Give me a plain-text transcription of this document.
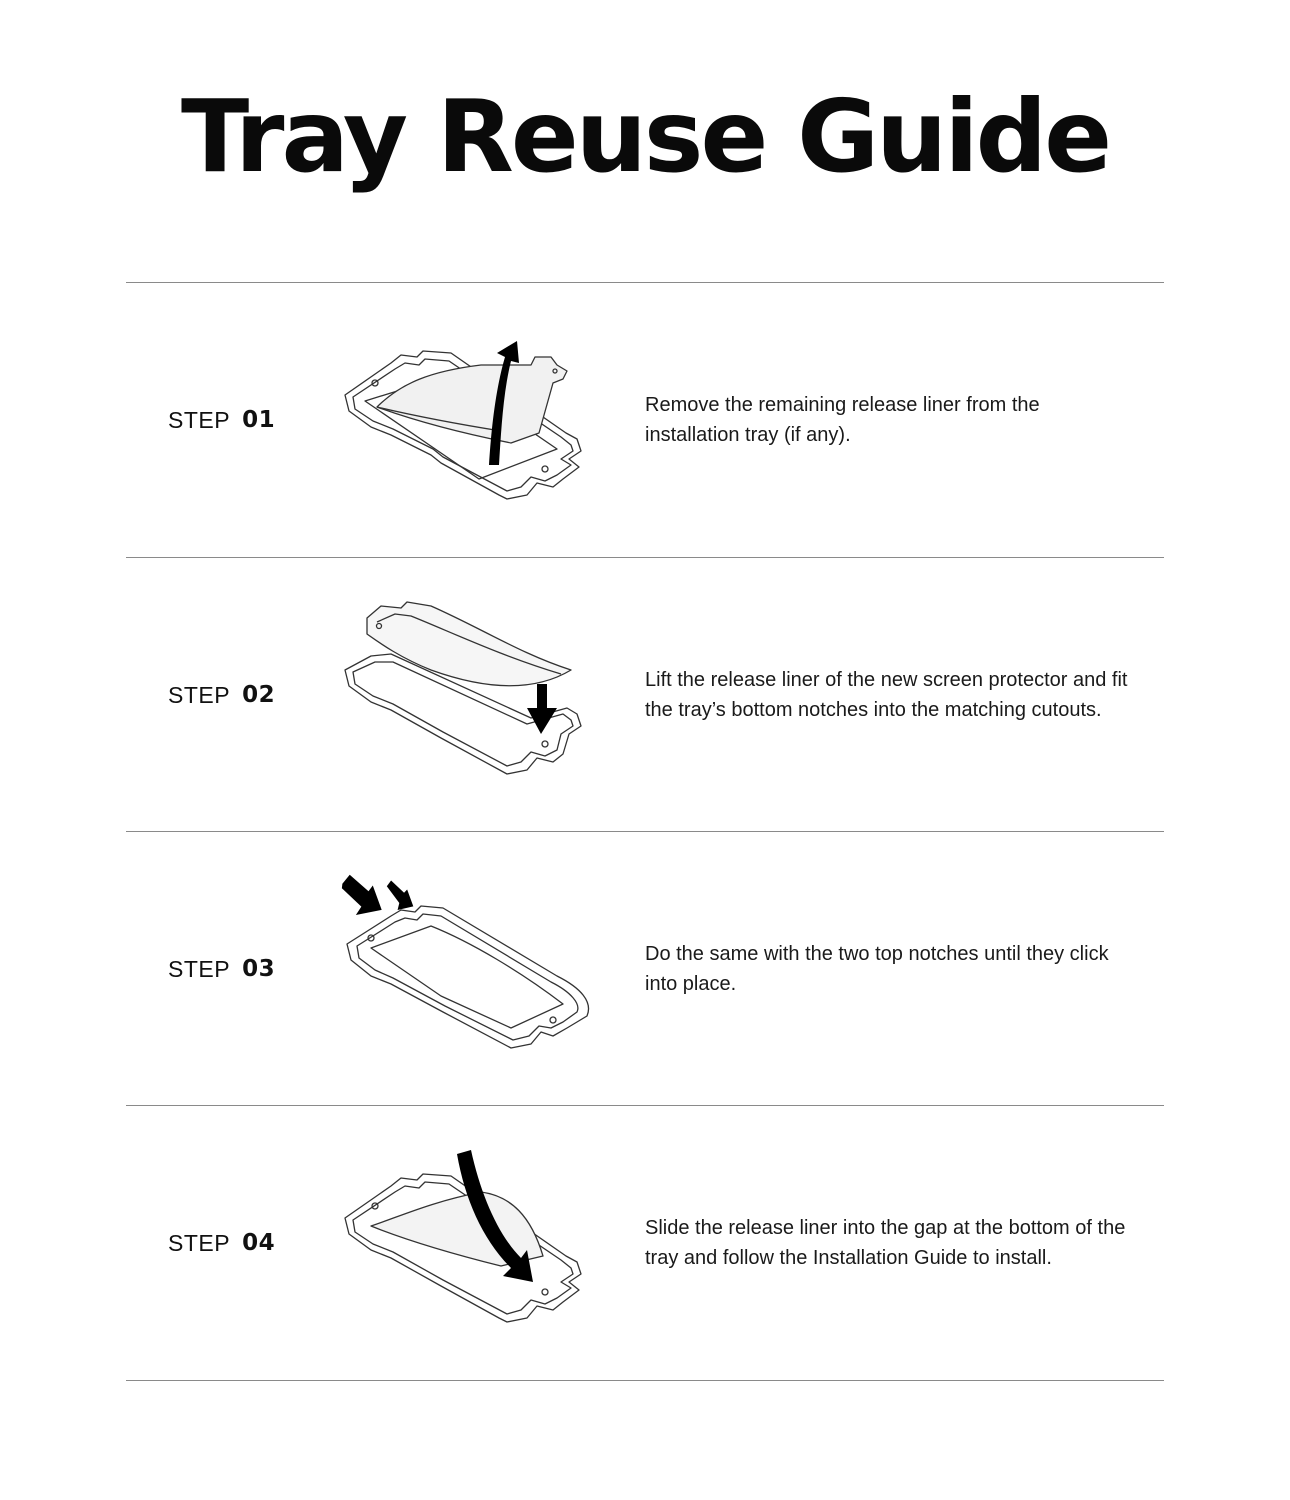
Tray Reuse Guide
STEP 01
Remove the remaining release liner from the installation tray (if any).
STEP 02
Lift the release liner of the new screen protector and fit the tray’s bottom notches into the matching cutouts.
STEP 03
Do the same with the two top notches until they click into place.
STEP 04
Slide the release liner into the gap at the bottom of the tray and follow the Installation Guide to install.
